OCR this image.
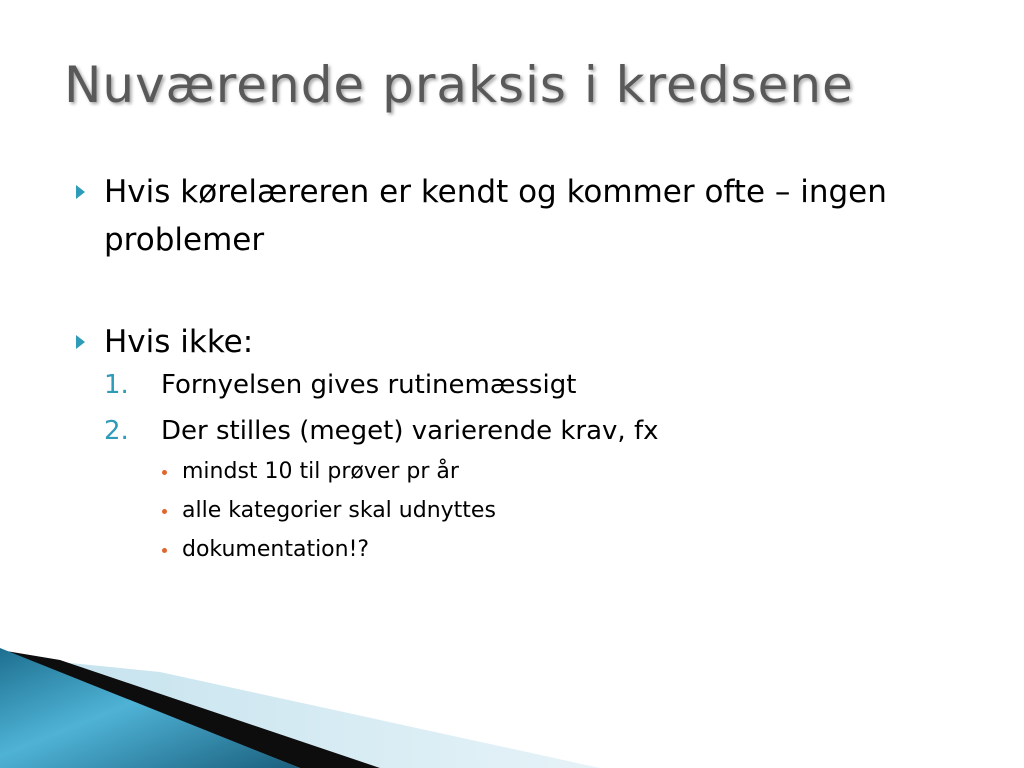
Nuværende praksis i kredsene
Hvis kørelæreren er kendt og kommer ofte – ingen problemer
Hvis ikke:
1. Fornyelsen gives rutinemæssigt
2. Der stilles (meget) varierende krav, fx
mindst 10 til prøver pr år
alle kategorier skal udnyttes
dokumentation!?
